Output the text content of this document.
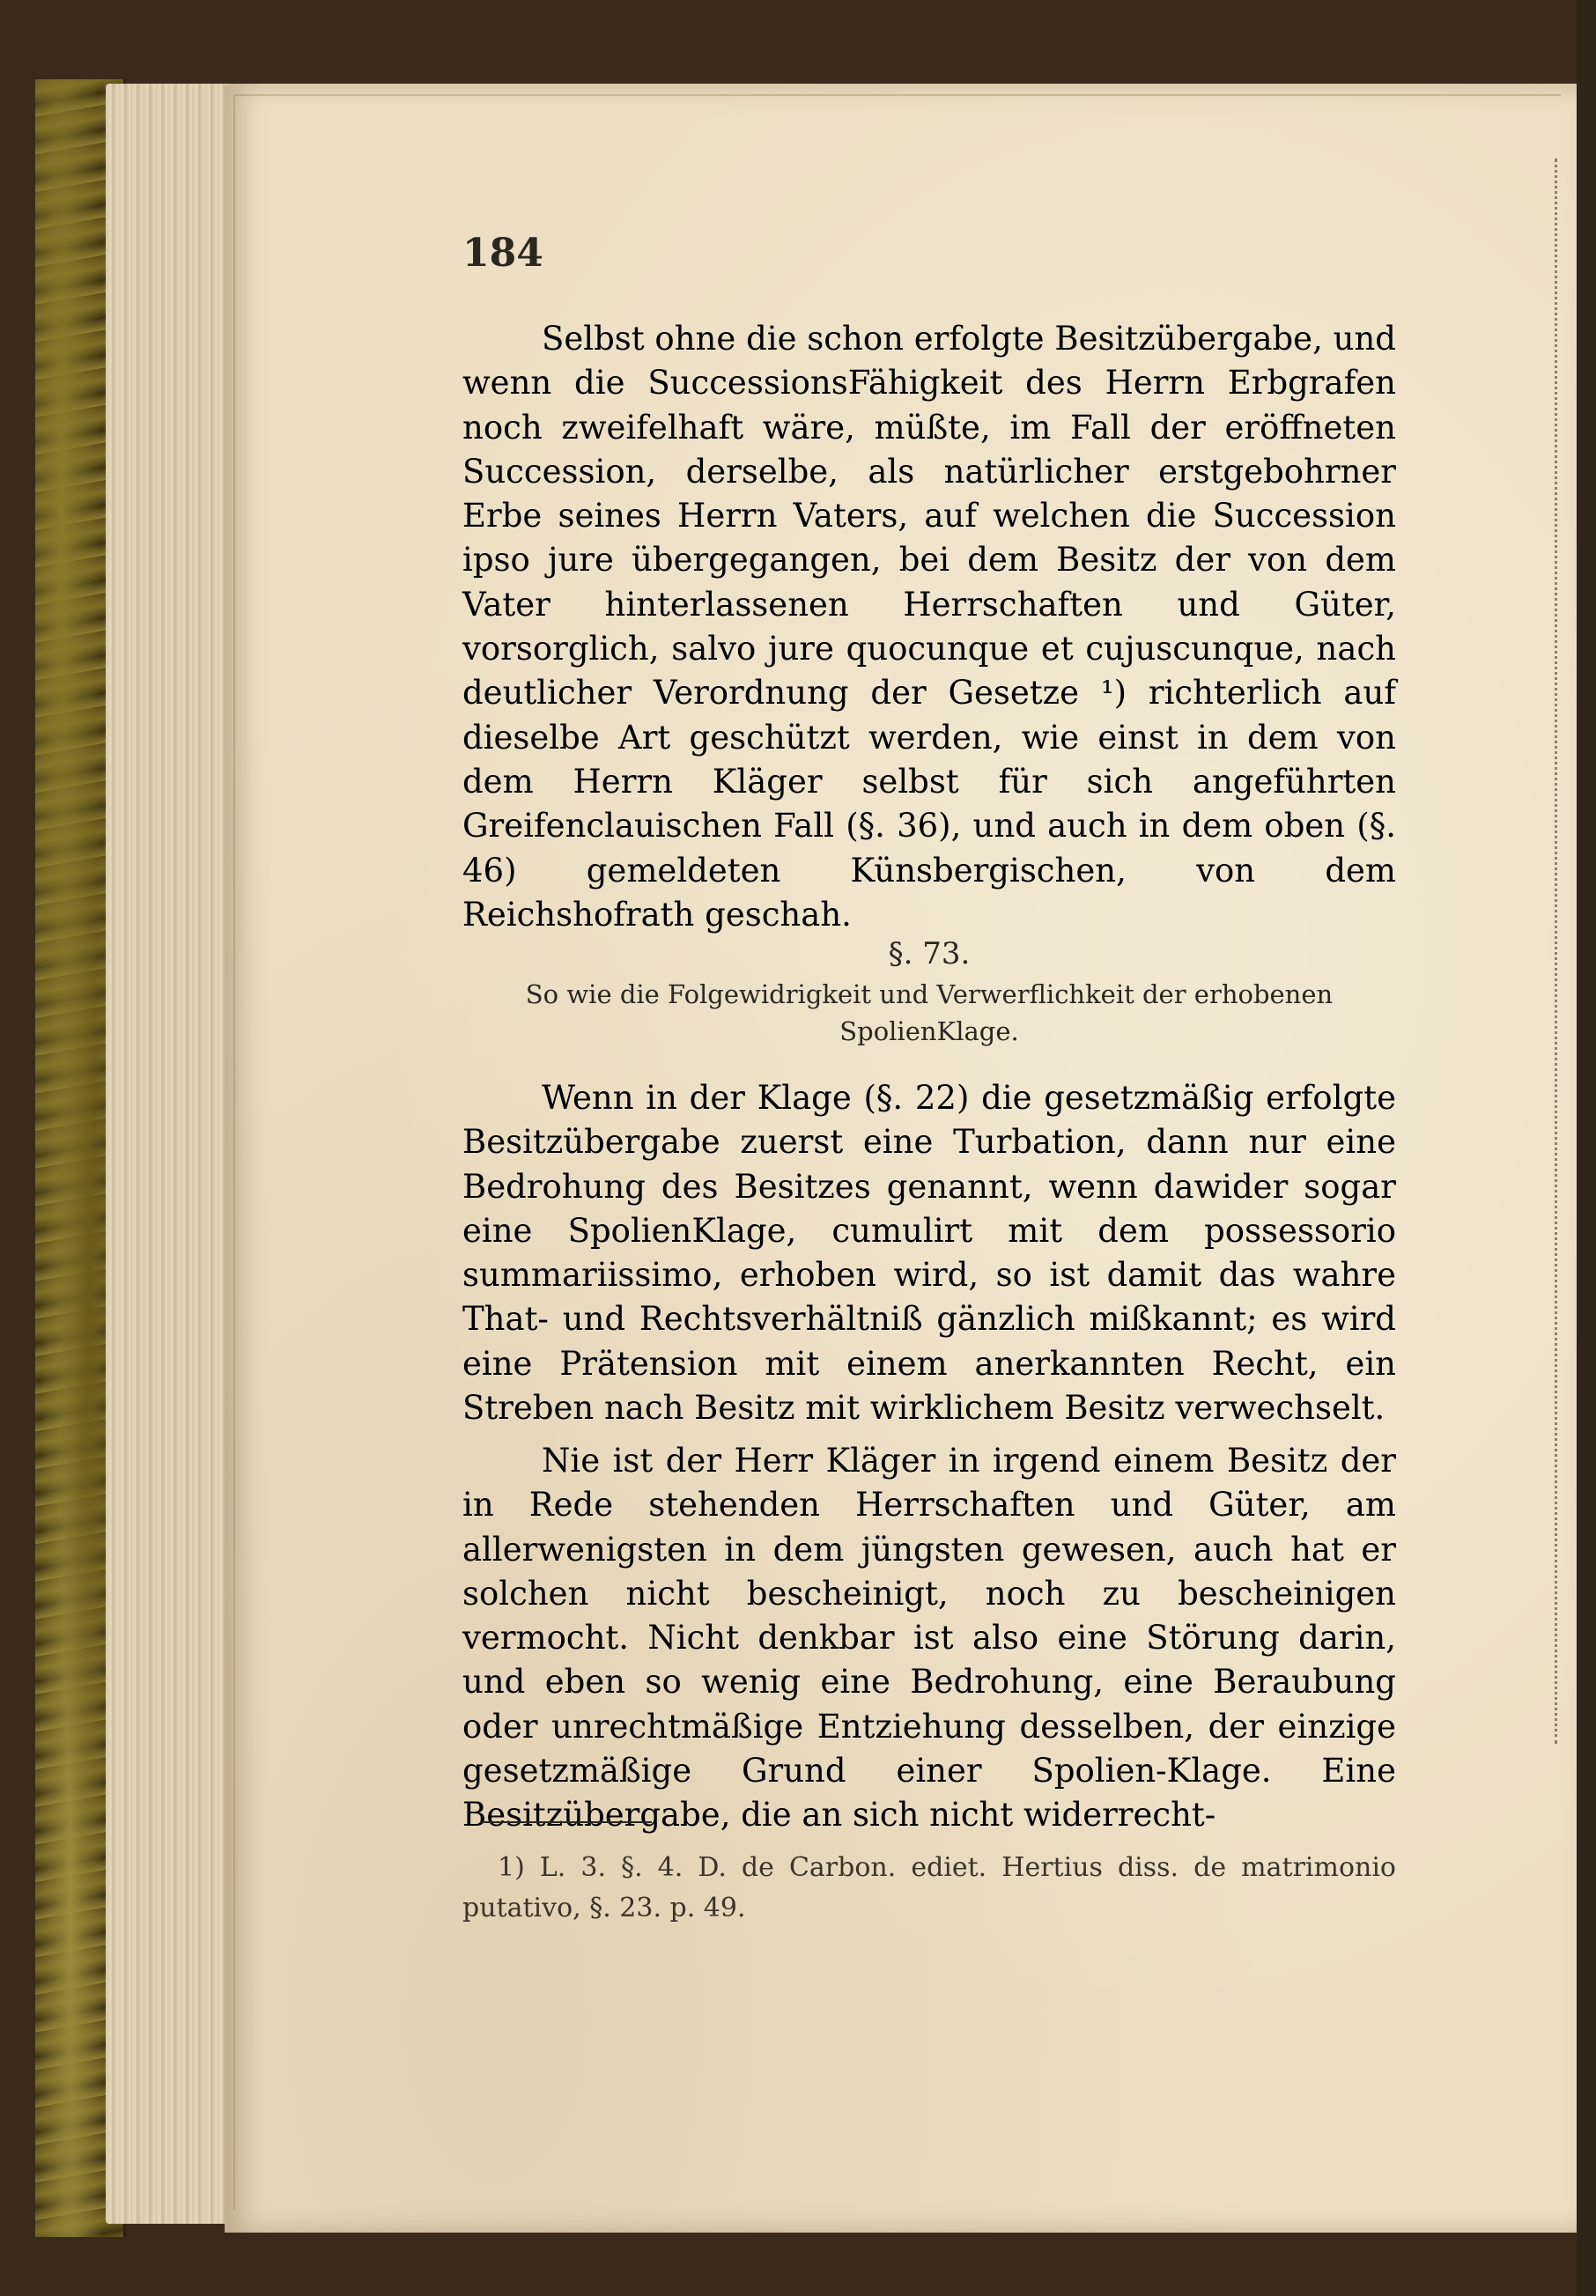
184

Selbst ohne die schon erfolgte Besitzübergabe, und wenn die SuccessionsFähigkeit des Herrn Erbgrafen noch zweifelhaft wäre, müßte, im Fall der eröffneten Succession, derselbe, als natürlicher erstgebohrner Erbe seines Herrn Vaters, auf welchen die Succession ipso jure übergegangen, bei dem Besitz der von dem Vater hinterlassenen Herrschaften und Güter, vorsorglich, salvo jure quocunque et cujuscunque, nach deutlicher Verordnung der Gesetze ¹) richterlich auf dieselbe Art geschützt werden, wie einst in dem von dem Herrn Kläger selbst für sich angeführten Greifenclauischen Fall (§. 36), und auch in dem oben (§. 46) gemeldeten Künsbergischen, von dem Reichshofrath geschah.

§. 73.
So wie die Folgewidrigkeit und Verwerflichkeit der erhobenen
SpolienKlage.

Wenn in der Klage (§. 22) die gesetzmäßig erfolgte Besitzübergabe zuerst eine Turbation, dann nur eine Bedrohung des Besitzes genannt, wenn dawider sogar eine SpolienKlage, cumulirt mit dem possessorio summariissimo, erhoben wird, so ist damit das wahre That- und Rechtsverhältniß gänzlich mißkannt; es wird eine Prätension mit einem anerkannten Recht, ein Streben nach Besitz mit wirklichem Besitz verwechselt.

Nie ist der Herr Kläger in irgend einem Besitz der in Rede stehenden Herrschaften und Güter, am allerwenigsten in dem jüngsten gewesen, auch hat er solchen nicht bescheinigt, noch zu bescheinigen vermocht. Nicht denkbar ist also eine Störung darin, und eben so wenig eine Bedrohung, eine Beraubung oder unrechtmäßige Entziehung desselben, der einzige gesetzmäßige Grund einer Spolien-Klage. Eine Besitzübergabe, die an sich nicht widerrecht-

1) L. 3. §. 4. D. de Carbon. ediet. Hertius diss. de matrimonio putativo, §. 23. p. 49.
